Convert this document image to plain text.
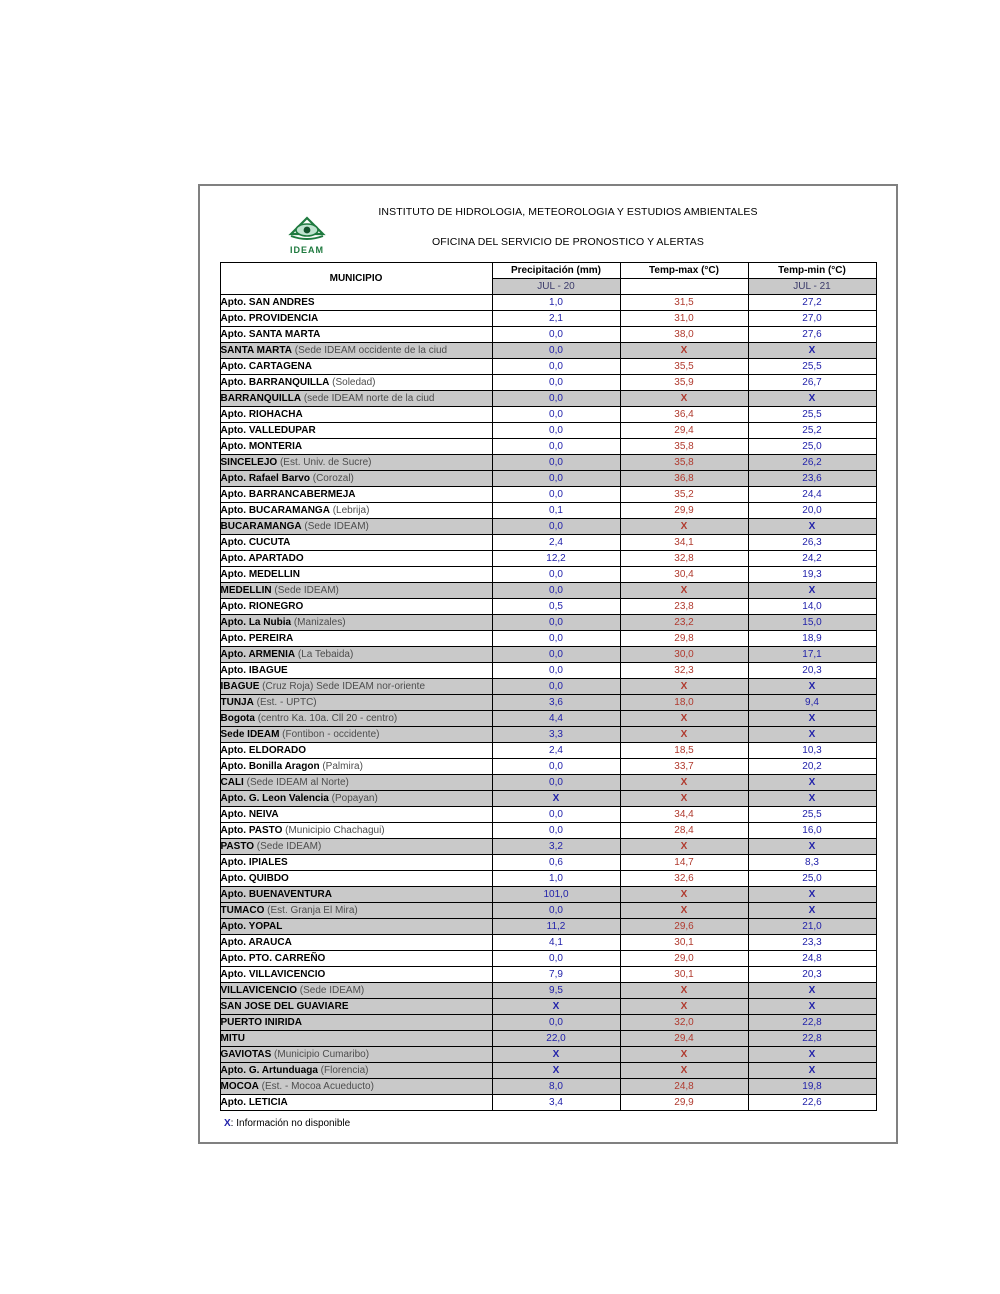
IDEAM
INSTITUTO DE HIDROLOGIA, METEOROLOGIA Y ESTUDIOS AMBIENTALES
OFICINA DEL SERVICIO DE PRONOSTICO Y ALERTAS
MUNICIPIO	Precipitación (mm)	Temp-max (°C)	Temp-min (°C)
	JUL - 20		JUL - 21
Apto. SAN ANDRES	1,0	31,5	27,2
Apto. PROVIDENCIA	2,1	31,0	27,0
Apto. SANTA MARTA	0,0	38,0	27,6
SANTA MARTA (Sede IDEAM occidente de la ciud	0,0	X	X
Apto. CARTAGENA	0,0	35,5	25,5
Apto. BARRANQUILLA (Soledad)	0,0	35,9	26,7
BARRANQUILLA (sede IDEAM norte de la ciud	0,0	X	X
Apto. RIOHACHA	0,0	36,4	25,5
Apto. VALLEDUPAR	0,0	29,4	25,2
Apto. MONTERIA	0,0	35,8	25,0
SINCELEJO (Est. Univ. de Sucre)	0,0	35,8	26,2
Apto. Rafael Barvo (Corozal)	0,0	36,8	23,6
Apto. BARRANCABERMEJA	0,0	35,2	24,4
Apto. BUCARAMANGA (Lebrija)	0,1	29,9	20,0
BUCARAMANGA (Sede IDEAM)	0,0	X	X
Apto. CUCUTA	2,4	34,1	26,3
Apto. APARTADO	12,2	32,8	24,2
Apto. MEDELLIN	0,0	30,4	19,3
MEDELLIN (Sede IDEAM)	0,0	X	X
Apto. RIONEGRO	0,5	23,8	14,0
Apto. La Nubia (Manizales)	0,0	23,2	15,0
Apto. PEREIRA	0,0	29,8	18,9
Apto. ARMENIA (La Tebaida)	0,0	30,0	17,1
Apto. IBAGUE	0,0	32,3	20,3
IBAGUE (Cruz Roja) Sede IDEAM nor-oriente	0,0	X	X
TUNJA (Est. - UPTC)	3,6	18,0	9,4
Bogota (centro Ka. 10a. Cll 20 - centro)	4,4	X	X
Sede IDEAM (Fontibon - occidente)	3,3	X	X
Apto. ELDORADO	2,4	18,5	10,3
Apto. Bonilla Aragon (Palmira)	0,0	33,7	20,2
CALI (Sede IDEAM al Norte)	0,0	X	X
Apto. G. Leon Valencia (Popayan)	X	X	X
Apto. NEIVA	0,0	34,4	25,5
Apto. PASTO (Municipio Chachagui)	0,0	28,4	16,0
PASTO (Sede IDEAM)	3,2	X	X
Apto. IPIALES	0,6	14,7	8,3
Apto. QUIBDO	1,0	32,6	25,0
Apto. BUENAVENTURA	101,0	X	X
TUMACO (Est. Granja El Mira)	0,0	X	X
Apto. YOPAL	11,2	29,6	21,0
Apto. ARAUCA	4,1	30,1	23,3
Apto. PTO. CARREÑO	0,0	29,0	24,8
Apto. VILLAVICENCIO	7,9	30,1	20,3
VILLAVICENCIO (Sede IDEAM)	9,5	X	X
SAN JOSE DEL GUAVIARE	X	X	X
PUERTO INIRIDA	0,0	32,0	22,8
MITU	22,0	29,4	22,8
GAVIOTAS (Municipio Cumaribo)	X	X	X
Apto. G. Artunduaga (Florencia)	X	X	X
MOCOA (Est. - Mocoa Acueducto)	8,0	24,8	19,8
Apto. LETICIA	3,4	29,9	22,6
X: Información no disponible
